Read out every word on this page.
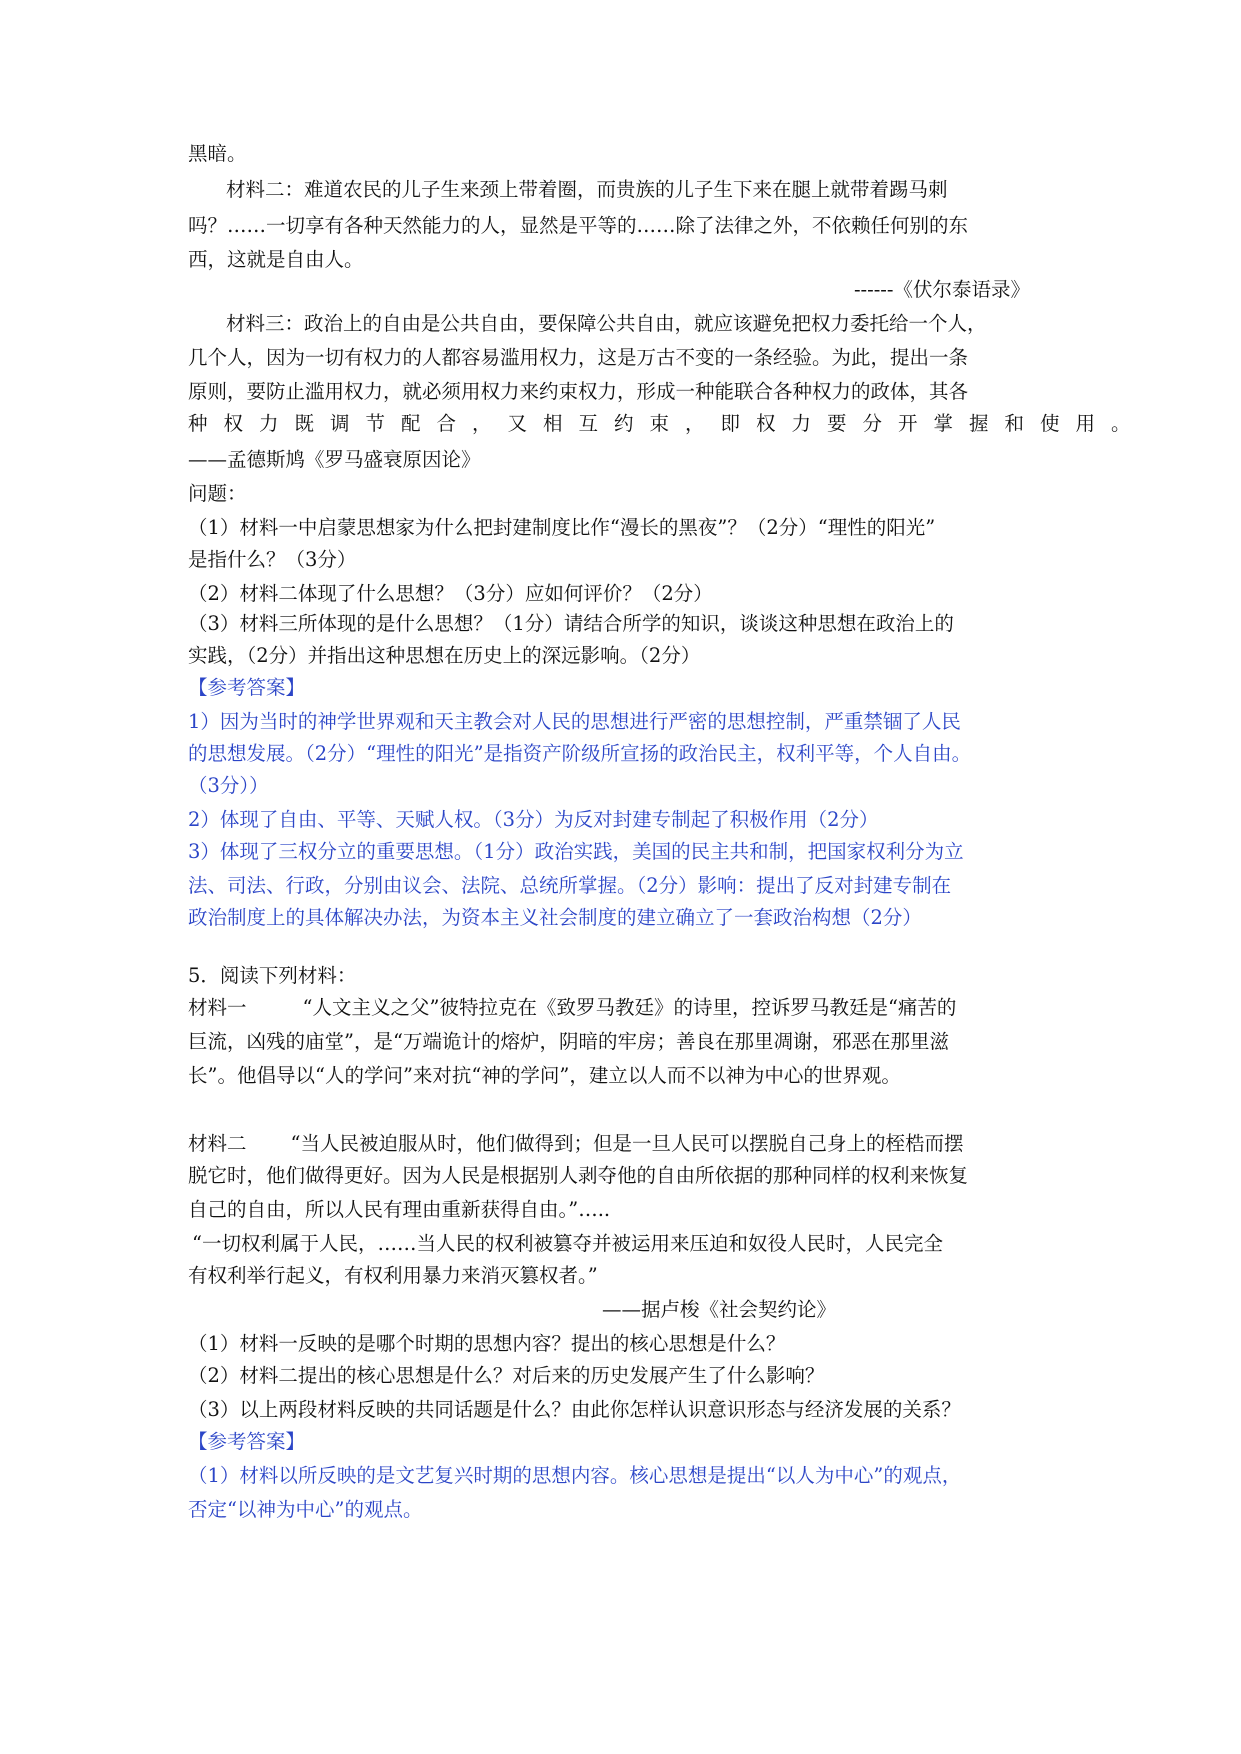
黑暗。
材料二：难道农民的儿子生来颈上带着圈，而贵族的儿子生下来在腿上就带着踢马刺
吗？……一切享有各种天然能力的人，显然是平等的……除了法律之外，不依赖任何别的东
西，这就是自由人。
------《伏尔泰语录》
材料三：政治上的自由是公共自由，要保障公共自由，就应该避免把权力委托给一个人，
几个人，因为一切有权力的人都容易滥用权力，这是万古不变的一条经验。为此，提出一条
原则，要防止滥用权力，就必须用权力来约束权力，形成一种能联合各种权力的政体，其各
种权力既调节配合，又相互约束，即权力要分开掌握和使用。
——孟德斯鸠《罗马盛衰原因论》
问题：
（1）材料一中启蒙思想家为什么把封建制度比作“漫长的黑夜”？（2分）“理性的阳光”
是指什么？（3分）
（2）材料二体现了什么思想？（3分）应如何评价？（2分）
（3）材料三所体现的是什么思想？（1分）请结合所学的知识，谈谈这种思想在政治上的
实践，（2分）并指出这种思想在历史上的深远影响。（2分）
【参考答案】
1）因为当时的神学世界观和天主教会对人民的思想进行严密的思想控制，严重禁锢了人民
的思想发展。（2分）“理性的阳光”是指资产阶级所宣扬的政治民主，权利平等，个人自由。
（3分））
2）体现了自由、平等、天赋人权。（3分）为反对封建专制起了积极作用（2分）
3）体现了三权分立的重要思想。（1分）政治实践，美国的民主共和制，把国家权利分为立
法、司法、行政，分别由议会、法院、总统所掌握。（2分）影响：提出了反对封建专制在
政治制度上的具体解决办法，为资本主义社会制度的建立确立了一套政治构想（2分）
5．阅读下列材料：
材料一	“人文主义之父”彼特拉克在《致罗马教廷》的诗里，控诉罗马教廷是“痛苦的
巨流，凶残的庙堂”，是“万端诡计的熔炉，阴暗的牢房；善良在那里凋谢，邪恶在那里滋
长”。他倡导以“人的学问”来对抗“神的学问”，建立以人而不以神为中心的世界观。
材料二 “当人民被迫服从时，他们做得到；但是一旦人民可以摆脱自己身上的桎梏而摆
脱它时，他们做得更好。因为人民是根据别人剥夺他的自由所依据的那种同样的权利来恢复
自己的自由，所以人民有理由重新获得自由。”…..
“一切权利属于人民，……当人民的权利被篡夺并被运用来压迫和奴役人民时，人民完全
有权利举行起义，有权利用暴力来消灭篡权者。”
——据卢梭《社会契约论》
（1）材料一反映的是哪个时期的思想内容？提出的核心思想是什么？
（2）材料二提出的核心思想是什么？对后来的历史发展产生了什么影响？
（3）以上两段材料反映的共同话题是什么？由此你怎样认识意识形态与经济发展的关系？
【参考答案】
（1）材料以所反映的是文艺复兴时期的思想内容。核心思想是提出“以人为中心”的观点，
否定“以神为中心”的观点。
